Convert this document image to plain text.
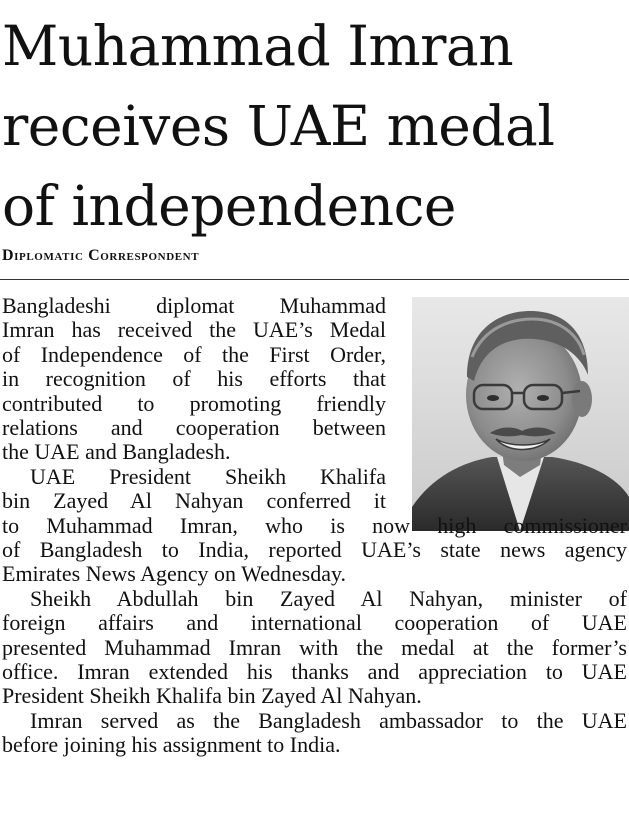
Muhammad Imran
receives UAE medal
of independence
Diplomatic Correspondent
Bangladeshi diplomat Muhammad
Imran has received the UAE’s Medal
of Independence of the First Order,
in recognition of his efforts that
contributed to promoting friendly
relations and cooperation between
the UAE and Bangladesh.
UAE President Sheikh Khalifa
bin Zayed Al Nahyan conferred it
to Muhammad Imran, who is now high commissioner
of Bangladesh to India, reported UAE’s state news agency
Emirates News Agency on Wednesday.
Sheikh Abdullah bin Zayed Al Nahyan, minister of
foreign affairs and international cooperation of UAE
presented Muhammad Imran with the medal at the former’s
office. Imran extended his thanks and appreciation to UAE
President Sheikh Khalifa bin Zayed Al Nahyan.
Imran served as the Bangladesh ambassador to the UAE
before joining his assignment to India.
